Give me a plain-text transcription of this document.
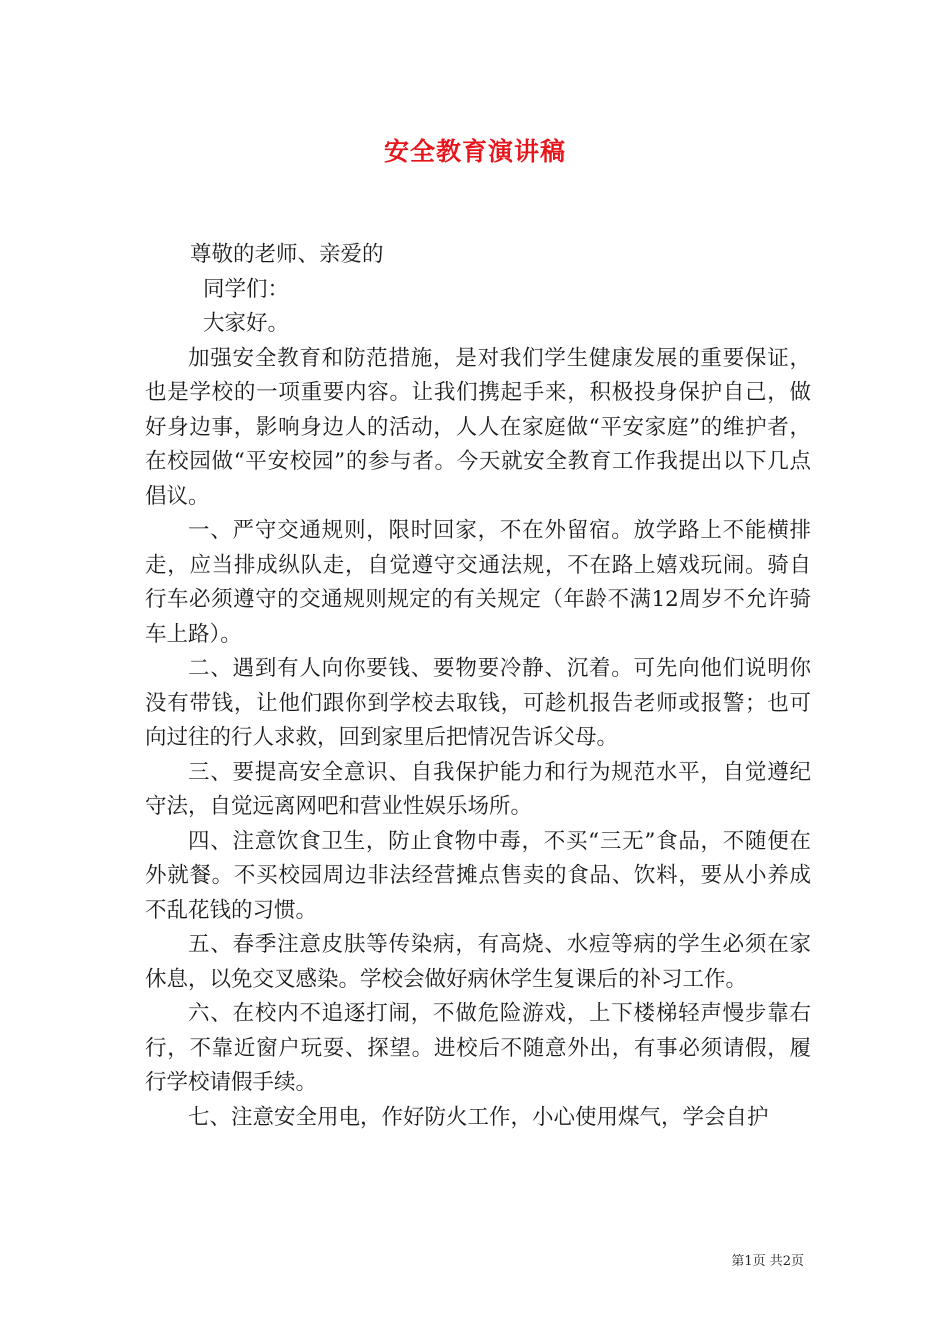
安全教育演讲稿

尊敬的老师、亲爱的

同学们：

大家好。

加强安全教育和防范措施，是对我们学生健康发展的重要保证，也是学校的一项重要内容。让我们携起手来，积极投身保护自己，做好身边事，影响身边人的活动，人人在家庭做“平安家庭”的维护者，在校园做“平安校园”的参与者。今天就安全教育工作我提出以下几点倡议。

一、严守交通规则，限时回家，不在外留宿。放学路上不能横排走，应当排成纵队走，自觉遵守交通法规，不在路上嬉戏玩闹。骑自行车必须遵守的交通规则规定的有关规定（年龄不满12周岁不允许骑车上路）。

二、遇到有人向你要钱、要物要冷静、沉着。可先向他们说明你没有带钱，让他们跟你到学校去取钱，可趁机报告老师或报警；也可向过往的行人求救，回到家里后把情况告诉父母。

三、要提高安全意识、自我保护能力和行为规范水平，自觉遵纪守法，自觉远离网吧和营业性娱乐场所。

四、注意饮食卫生，防止食物中毒，不买“三无”食品，不随便在外就餐。不买校园周边非法经营摊点售卖的食品、饮料，要从小养成不乱花钱的习惯。

五、春季注意皮肤等传染病，有高烧、水痘等病的学生必须在家休息，以免交叉感染。学校会做好病休学生复课后的补习工作。

六、在校内不追逐打闹，不做危险游戏，上下楼梯轻声慢步靠右行，不靠近窗户玩耍、探望。进校后不随意外出，有事必须请假，履行学校请假手续。

七、注意安全用电，作好防火工作，小心使用煤气，学会自护

第1页 共2页
